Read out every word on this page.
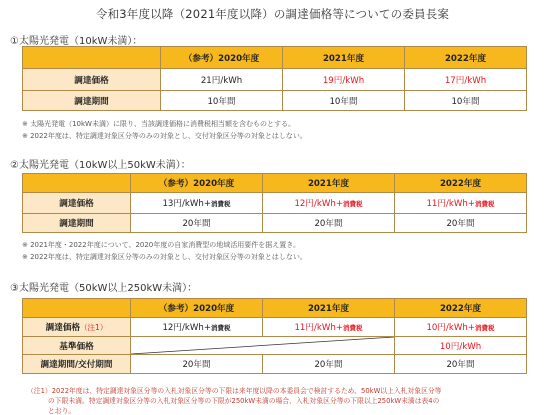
令和3年度以降（2021年度以降）の調達価格等についての委員長案
①太陽光発電（10kW未満）：
	（参考）2020年度	2021年度	2022年度
調達価格	21円/kWh	19円/kWh	17円/kWh
調達期間	10年間	10年間	10年間
※ 太陽光発電（10kW未満）に限り、当該調達価格に消費税相当額を含むものとする。
※ 2022年度は、特定調達対象区分等のみの対象とし、交付対象区分等の対象とはしない。
②太陽光発電（10kW以上50kW未満）：
	（参考）2020年度	2021年度	2022年度
調達価格	13円/kWh+消費税	12円/kWh+消費税	11円/kWh+消費税
調達期間	20年間	20年間	20年間
※ 2021年度・2022年度について、2020年度の自家消費型の地域活用要件を据え置き。
※ 2022年度は、特定調達対象区分等のみの対象とし、交付対象区分等の対象とはしない。
③太陽光発電（50kW以上250kW未満）：
	（参考）2020年度	2021年度	2022年度
調達価格（注1）	12円/kWh+消費税	11円/kWh+消費税	10円/kWh+消費税
基準価格			10円/kWh
調達期間/交付期間	20年間	20年間	20年間
（注1）2022年度は、特定調達対象区分等の入札対象区分等の下限は来年度以降の本委員会で検討するため、50kW以上入札対象区分等
の下限未満。特定調達対象区分等の入札対象区分等の下限が250kW未満の場合、入札対象区分等の下限以上250kW未満は表4の
とおり。
